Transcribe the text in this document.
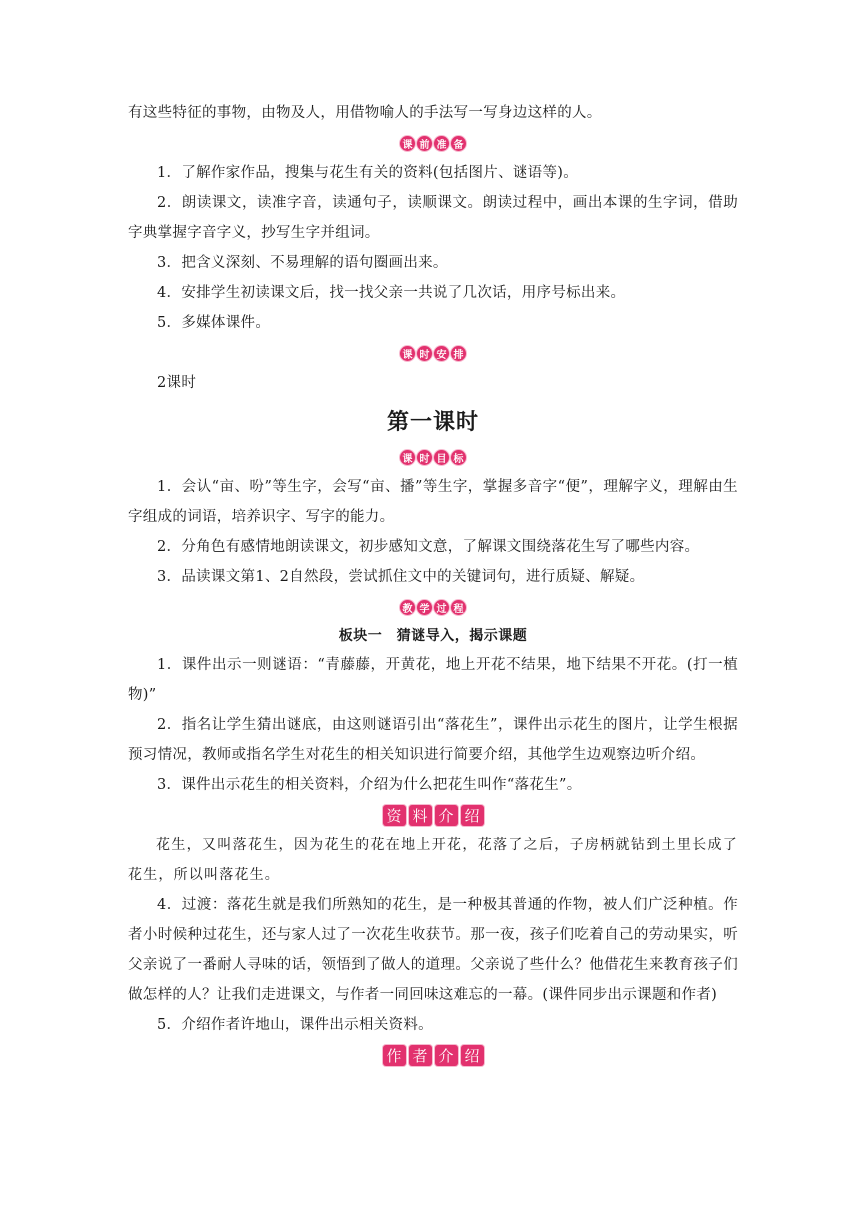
有这些特征的事物，由物及人，用借物喻人的手法写一写身边这样的人。

课 前 准 备

1．了解作家作品，搜集与花生有关的资料(包括图片、谜语等)。

2．朗读课文，读准字音，读通句子，读顺课文。朗读过程中，画出本课的生字词，借助字典掌握字音字义，抄写生字并组词。

3．把含义深刻、不易理解的语句圈画出来。

4．安排学生初读课文后，找一找父亲一共说了几次话，用序号标出来。

5．多媒体课件。

课 时 安 排

2课时

第一课时
课 时 目 标

1．会认“亩、吩”等生字，会写“亩、播”等生字，掌握多音字“便”，理解字义，理解由生字组成的词语，培养识字、写字的能力。

2．分角色有感情地朗读课文，初步感知文意，了解课文围绕落花生写了哪些内容。

3．品读课文第1、2自然段，尝试抓住文中的关键词句，进行质疑、解疑。

教 学 过 程

板块一　猜谜导入，揭示课题

1．课件出示一则谜语：“青藤藤，开黄花，地上开花不结果，地下结果不开花。(打一植物)”

2．指名让学生猜出谜底，由这则谜语引出“落花生”，课件出示花生的图片，让学生根据预习情况，教师或指名学生对花生的相关知识进行简要介绍，其他学生边观察边听介绍。

3．课件出示花生的相关资料，介绍为什么把花生叫作“落花生”。

资 料 介 绍

花生，又叫落花生，因为花生的花在地上开花，花落了之后，子房柄就钻到土里长成了花生，所以叫落花生。

4．过渡：落花生就是我们所熟知的花生，是一种极其普通的作物，被人们广泛种植。作者小时候种过花生，还与家人过了一次花生收获节。那一夜，孩子们吃着自己的劳动果实，听父亲说了一番耐人寻味的话，领悟到了做人的道理。父亲说了些什么？他借花生来教育孩子们做怎样的人？让我们走进课文，与作者一同回味这难忘的一幕。(课件同步出示课题和作者)

5．介绍作者许地山，课件出示相关资料。

作 者 介 绍
